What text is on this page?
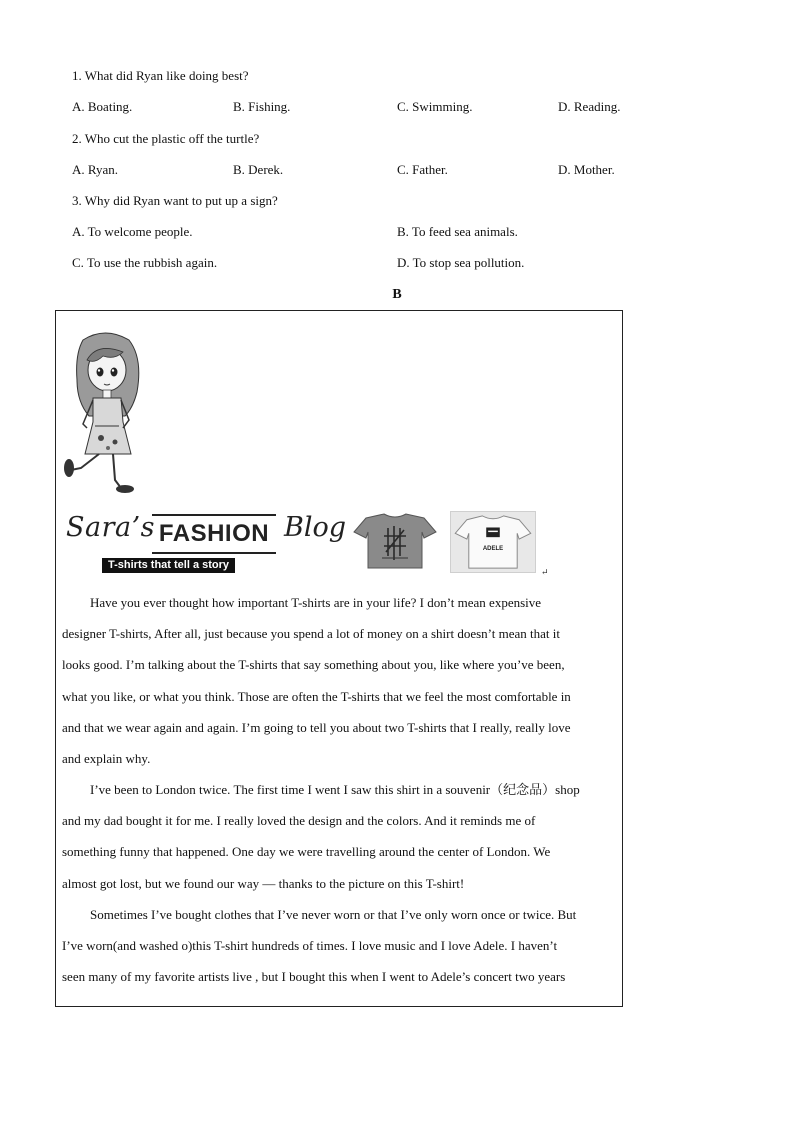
1. What did Ryan like doing best?
A. Boating.	B. Fishing.	C. Swimming.	D. Reading.
2. Who cut the plastic off the turtle?
A. Ryan.	B. Derek.	C. Father.	D. Mother.
3. Why did Ryan want to put up a sign?
A. To welcome people.	B. To feed sea animals.
C. To use the rubbish again.	D. To stop sea pollution.
B
Sara’s FASHION Blog
T-shirts that tell a story
ADELE
↵
Have you ever thought how important T-shirts are in your life? I don’t mean expensive
designer T-shirts, After all, just because you spend a lot of money on a shirt doesn’t mean that it
looks good. I’m talking about the T-shirts that say something about you, like where you’ve been,
what you like, or what you think. Those are often the T-shirts that we feel the most comfortable in
and that we wear again and again. I’m going to tell you about two T-shirts that I really, really love
and explain why.
I’ve been to London twice. The first time I went I saw this shirt in a souvenir（纪念品）shop
and my dad bought it for me. I really loved the design and the colors. And it reminds me of
something funny that happened. One day we were travelling around the center of London. We
almost got lost, but we found our way — thanks to the picture on this T-shirt!
Sometimes I’ve bought clothes that I’ve never worn or that I’ve only worn once or twice. But
I’ve worn(and washed o)this T-shirt hundreds of times. I love music and I love Adele. I haven’t
seen many of my favorite artists live , but I bought this when I went to Adele’s concert two years
